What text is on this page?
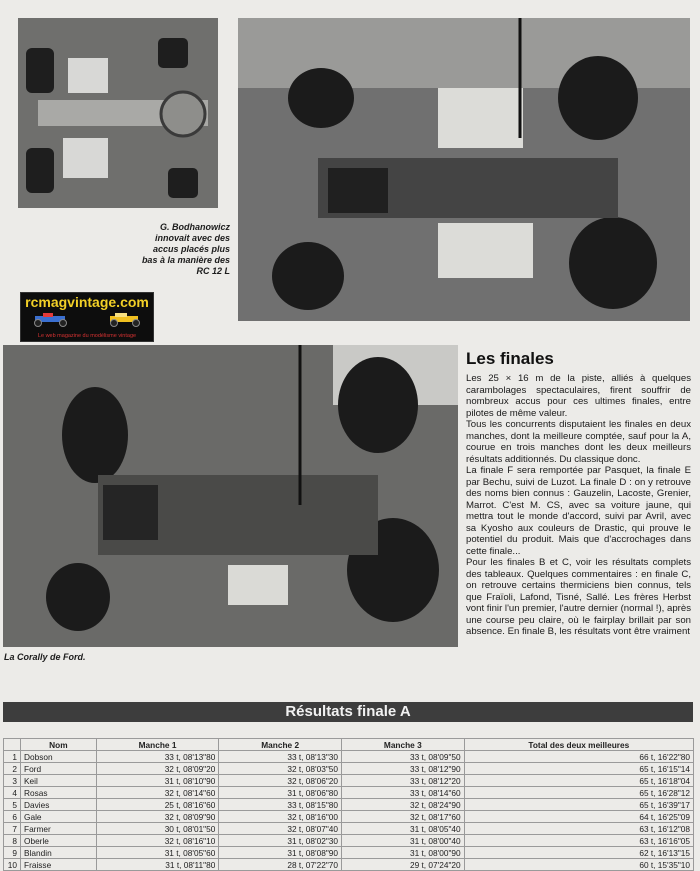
rcmagvintage.com
Le web magazine du modélisme vintage
G. Bodhanowicz innovait avec des accus placés plus bas à la manière des RC 12 L
La Corally de Ford.
Les finales

Les 25 × 16 m de la piste, alliés à quelques carambolages spectaculaires, firent souffrir de nombreux accus pour ces ultimes finales, entre pilotes de même valeur.

Tous les concurrents disputaient les finales en deux manches, dont la meilleure comptée, sauf pour la A, courue en trois manches dont les deux meilleurs résultats additionnés. Du classique donc.

La finale F sera remportée par Pasquet, la finale E par Bechu, suivi de Luzot. La finale D : on y retrouve des noms bien connus : Gauzelin, Lacoste, Grenier, Marrot. C'est M. CS, avec sa voiture jaune, qui mettra tout le monde d'accord, suivi par Avril, avec sa Kyosho aux couleurs de Drastic, qui prouve le potentiel du produit. Mais que d'accrochages dans cette finale...

Pour les finales B et C, voir les résultats complets des tableaux. Quelques commentaires : en finale C, on retrouve certains thermiciens bien connus, tels que Fraïoli, Lafond, Tisné, Sallé. Les frères Herbst vont finir l'un premier, l'autre dernier (normal !), après une course peu claire, où le fairplay brillait par son absence. En finale B, les résultats vont être vraiment

Résultats finale A
	Nom	Manche 1	Manche 2	Manche 3	Total des deux meilleures
1	Dobson	33 t, 08'13"80	33 t, 08'13"30	33 t, 08'09"50	66 t, 16'22"80
2	Ford	32 t, 08'09"20	32 t, 08'03"50	33 t, 08'12"90	65 t, 16'15"14
3	Keil	31 t, 08'10"90	32 t, 08'06"20	33 t, 08'12"20	65 t, 16'18"04
4	Rosas	32 t, 08'14"60	31 t, 08'06"80	33 t, 08'14"60	65 t, 16'28"12
5	Davies	25 t, 08'16"60	33 t, 08'15"80	32 t, 08'24"90	65 t, 16'39"17
6	Gale	32 t, 08'09"90	32 t, 08'16"00	32 t, 08'17"60	64 t, 16'25"09
7	Farmer	30 t, 08'01"50	32 t, 08'07"40	31 t, 08'05"40	63 t, 16'12"08
8	Oberle	32 t, 08'16"10	31 t, 08'02"30	31 t, 08'00"40	63 t, 16'16"05
9	Blandin	31 t, 08'05"60	31 t, 08'08"90	31 t, 08'00"90	62 t, 16'13"15
10	Fraisse	31 t, 08'11"80	28 t, 07'22"70	29 t, 07'24"20	60 t, 15'35"10
